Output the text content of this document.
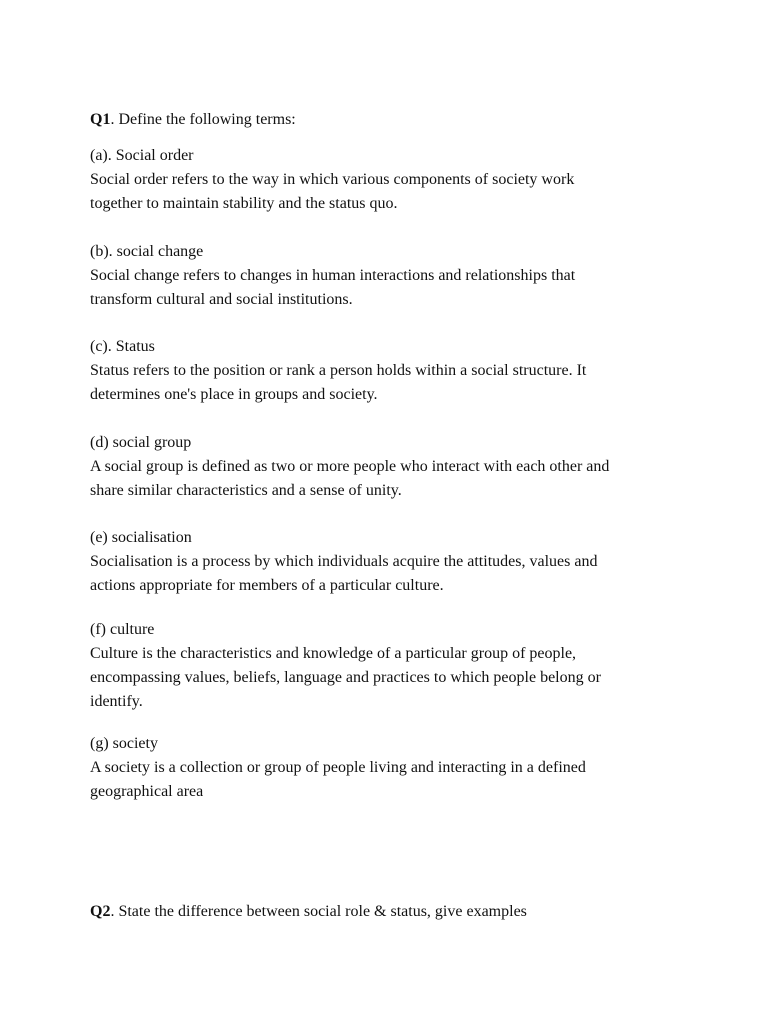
Q1. Define the following terms:
(a). Social order
Social order refers to the way in which various components of society work
together to maintain stability and the status quo.
(b). social change
Social change refers to changes in human interactions and relationships that
transform cultural and social institutions.
(c). Status
Status refers to the position or rank a person holds within a social structure. It
determines one's place in groups and society.
(d) social group
A social group is defined as two or more people who interact with each other and
share similar characteristics and a sense of unity.
(e) socialisation
Socialisation is a process by which individuals acquire the attitudes, values and
actions appropriate for members of a particular culture.
(f) culture
Culture is the characteristics and knowledge of a particular group of people,
encompassing values, beliefs, language and practices to which people belong or
identify.
(g) society
A society is a collection or group of people living and interacting in a defined
geographical area
Q2. State the difference between social role & status, give examples
